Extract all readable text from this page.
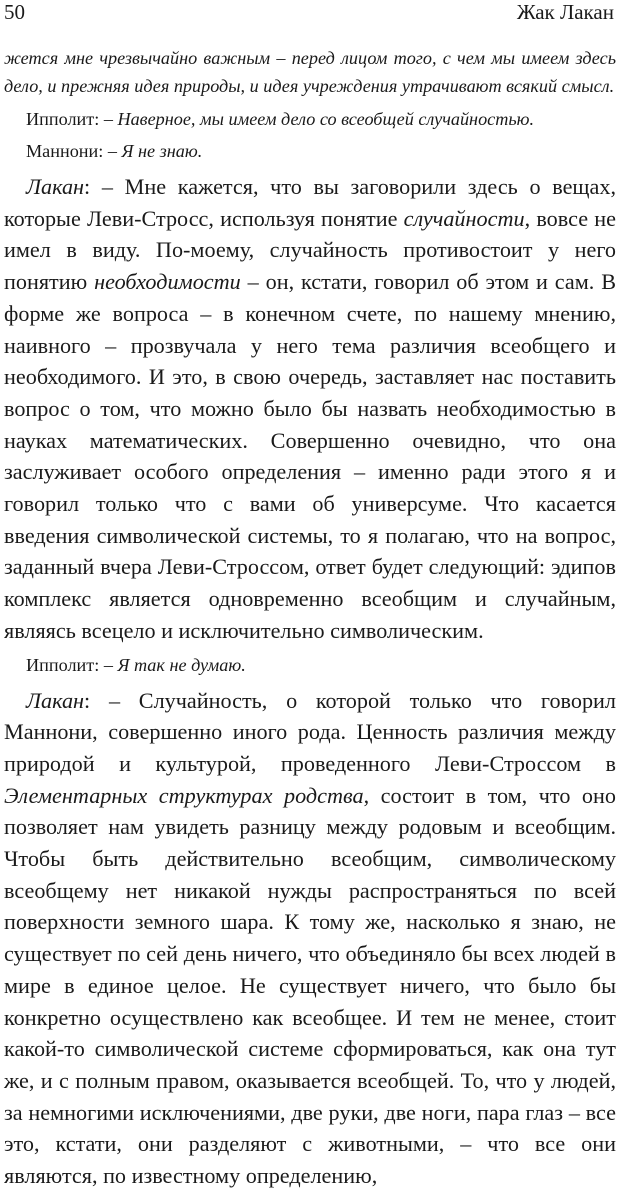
50	Жак Лакан

жется мне чрезвычайно важным – перед лицом того, с чем мы имеем здесь дело, и прежняя идея природы, и идея учреждения утрачивают всякий смысл.

Ипполит: – Наверное, мы имеем дело со всеобщей случайностью.

Маннони: – Я не знаю.

Лакан: – Мне кажется, что вы заговорили здесь о вещах, которые Леви-Стросс, используя понятие случайности, вовсе не имел в виду. По-моему, случайность противостоит у него понятию необходимости – он, кстати, говорил об этом и сам. В форме же вопроса – в конечном счете, по нашему мнению, наивного – прозвучала у него тема различия всеобщего и необходимого. И это, в свою очередь, заставляет нас поставить вопрос о том, что можно было бы назвать необходимостью в науках математических. Совершенно очевидно, что она заслуживает особого определения – именно ради этого я и говорил только что с вами об универсуме. Что касается введения символической системы, то я полагаю, что на вопрос, заданный вчера Леви-Строссом, ответ будет следующий: эдипов комплекс является одновременно всеобщим и случайным, являясь всецело и исключительно символическим.

Ипполит: – Я так не думаю.

Лакан: – Случайность, о которой только что говорил Маннони, совершенно иного рода. Ценность различия между природой и культурой, проведенного Леви-Строссом в Элементарных структурах родства, состоит в том, что оно позволяет нам увидеть разницу между родовым и всеобщим. Чтобы быть действительно всеобщим, символическому всеобщему нет никакой нужды распространяться по всей поверхности земного шара. К тому же, насколько я знаю, не существует по сей день ничего, что объединяло бы всех людей в мире в единое целое. Не существует ничего, что было бы конкретно осуществлено как всеобщее. И тем не менее, стоит какой-то символической системе сформироваться, как она тут же, и с полным правом, оказывается всеобщей. То, что у людей, за немногими исключениями, две руки, две ноги, пара глаз – все это, кстати, они разделяют с животными, – что все они являются, по известному определению,
